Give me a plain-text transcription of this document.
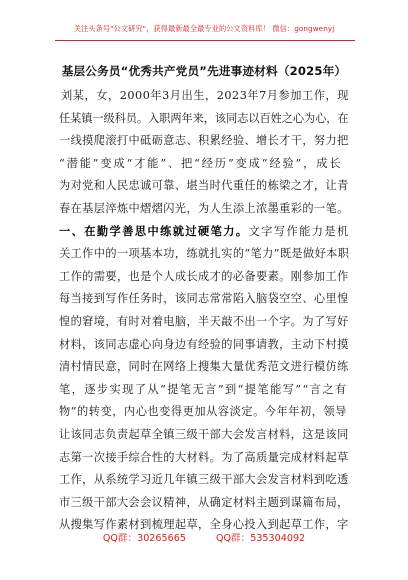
关注头条号"公文研究"，获得最新最全最专业的公文资料库！ 微信：gongwenyj
基层公务员“优秀共产党员”先进事迹材料（2025年）
刘某，女，2000年3月出生，2023年7月参加工作，现
任某镇一级科员。入职两年来，该同志以百姓之心为心，在
一线摸爬滚打中砥砺意志、积累经验、增长才干，努力把
“潜能”变成“才能”、把“经历”变成“经验”，成长
为对党和人民忠诚可靠、堪当时代重任的栋梁之才，让青
春在基层淬炼中熠熠闪光，为人生添上浓墨重彩的一笔。
一、在勤学善思中练就过硬笔力。文字写作能力是机
关工作中的一项基本功，练就扎实的“笔力”既是做好本职
工作的需要，也是个人成长成才的必备要素。刚参加工作
每当接到写作任务时，该同志常常陷入脑袋空空、心里惶
惶的窘境，有时对着电脑，半天敲不出一个字。为了写好
材料，该同志虚心向身边有经验的同事请教，主动下村摸
清村情民意，同时在网络上搜集大量优秀范文进行模仿练
笔，逐步实现了从“提笔无言”到“提笔能写”“言之有
物”的转变，内心也变得更加从容淡定。今年年初，领导
让该同志负责起草全镇三级干部大会发言材料，这是该同
志第一次接手综合性的大材料。为了高质量完成材料起草
工作，从系统学习近几年镇三级干部大会发言材料到吃透
市三级干部大会会议精神，从确定材料主题到谋篇布局，
从搜集写作素材到梳理起草，全身心投入到起草工作，字
QQ群：30265665	QQ群：535304092
